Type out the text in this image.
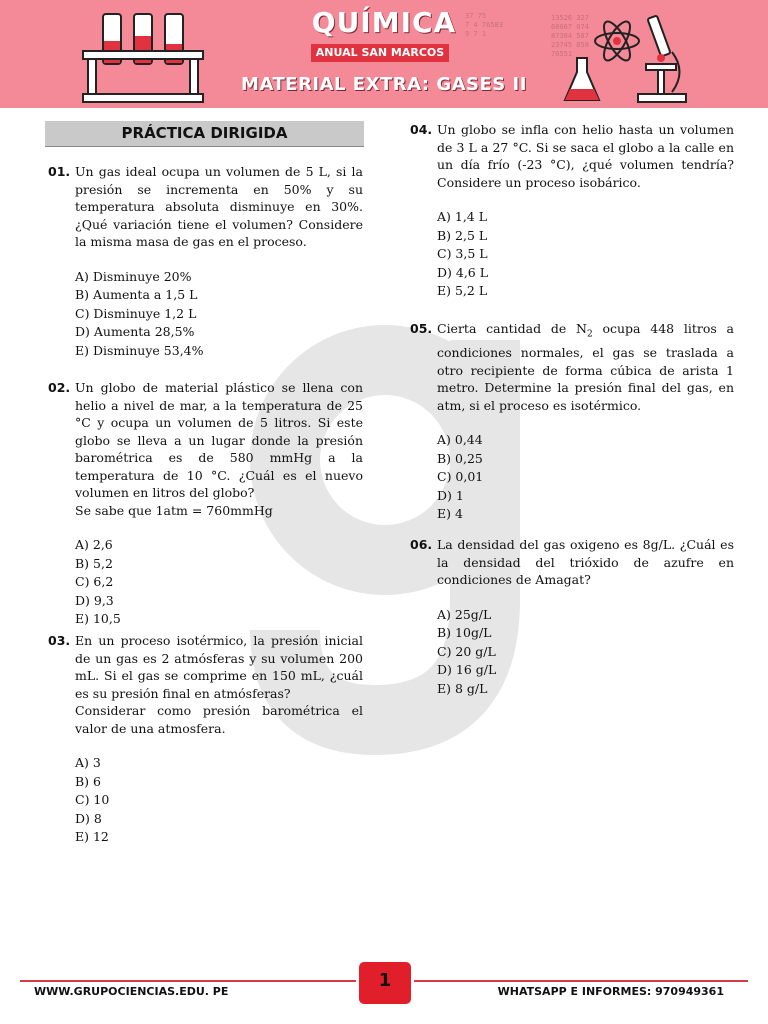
37 75
7 4 76583
9 7 1
13526 327
60067 074
87304 587
23745 858
76551
QUÍMICA
ANUAL SAN MARCOS
MATERIAL EXTRA: GASES II
PRÁCTICA DIRIGIDA
01. Un gas ideal ocupa un volumen de 5 L, si la presión se incrementa en 50% y su temperatura absoluta disminuye en 30%. ¿Qué variación tiene el volumen? Considere la misma masa de gas en el proceso.
A) Disminuye 20%
B) Aumenta a 1,5 L
C) Disminuye 1,2 L
D) Aumenta 28,5%
E) Disminuye 53,4%
02. Un globo de material plástico se llena con helio a nivel de mar, a la temperatura de 25 °C y ocupa un volumen de 5 litros. Si este globo se lleva a un lugar donde la presión barométrica es de 580 mmHg a la temperatura de 10 °C. ¿Cuál es el nuevo volumen en litros del globo?
Se sabe que 1atm = 760mmHg
A) 2,6
B) 5,2
C) 6,2
D) 9,3
E) 10,5
03. En un proceso isotérmico, la presión inicial de un gas es 2 atmósferas y su volumen 200 mL. Si el gas se comprime en 150 mL, ¿cuál es su presión final en atmósferas?
Considerar como presión barométrica el valor de una atmosfera.
A) 3
B) 6
C) 10
D) 8
E) 12
04. Un globo se infla con helio hasta un volumen de 3 L a 27 °C. Si se saca el globo a la calle en un día frío (-23 °C), ¿qué volumen tendría? Considere un proceso isobárico.
A) 1,4 L
B) 2,5 L
C) 3,5 L
D) 4,6 L
E) 5,2 L
05. Cierta cantidad de $N_2$ ocupa 448 litros a condiciones normales, el gas se traslada a otro recipiente de forma cúbica de arista 1 metro. Determine la presión final del gas, en atm, si el proceso es isotérmico.
A) 0,44
B) 0,25
C) 0,01
D) 1
E) 4
06. La densidad del gas oxigeno es 8g/L. ¿Cuál es la densidad del trióxido de azufre en condiciones de Amagat?
A) 25g/L
B) 10g/L
C) 20 g/L
D) 16 g/L
E) 8 g/L
WWW.GRUPOCIENCIAS.EDU. PE
1
WHATSAPP E INFORMES: 970949361
